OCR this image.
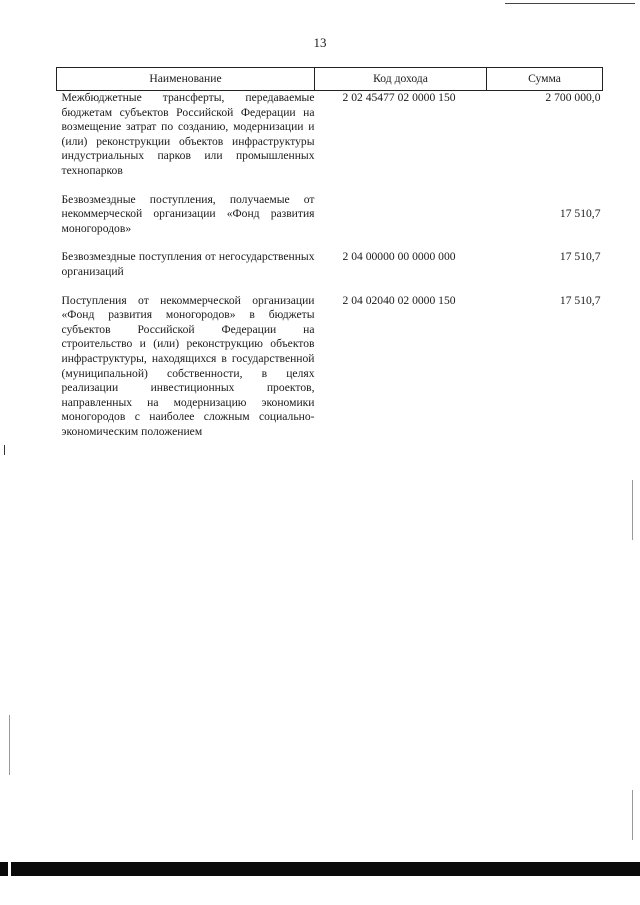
13
Наименование	Код дохода	Сумма
Межбюджетные трансферты, передаваемые бюджетам субъектов Российской Федерации на возмещение затрат по созданию, модернизации и (или) реконструкции объектов инфраструктуры индустриальных парков или промышленных технопарков	2 02 45477 02 0000 150	2 700 000,0
Безвозмездные поступления, получаемые от некоммерческой организации «Фонд развития моногородов»		17 510,7
Безвозмездные поступления от негосударственных организаций	2 04 00000 00 0000 000	17 510,7
Поступления от некоммерческой организации «Фонд развития моногородов» в бюджеты субъектов Российской Федерации на строительство и (или) реконструкцию объектов инфраструктуры, находящихся в государственной (муниципальной) собственности, в целях реализации инвестиционных проектов, направленных на модернизацию экономики моногородов с наиболее сложным социально-экономическим положением	2 04 02040 02 0000 150	17 510,7
